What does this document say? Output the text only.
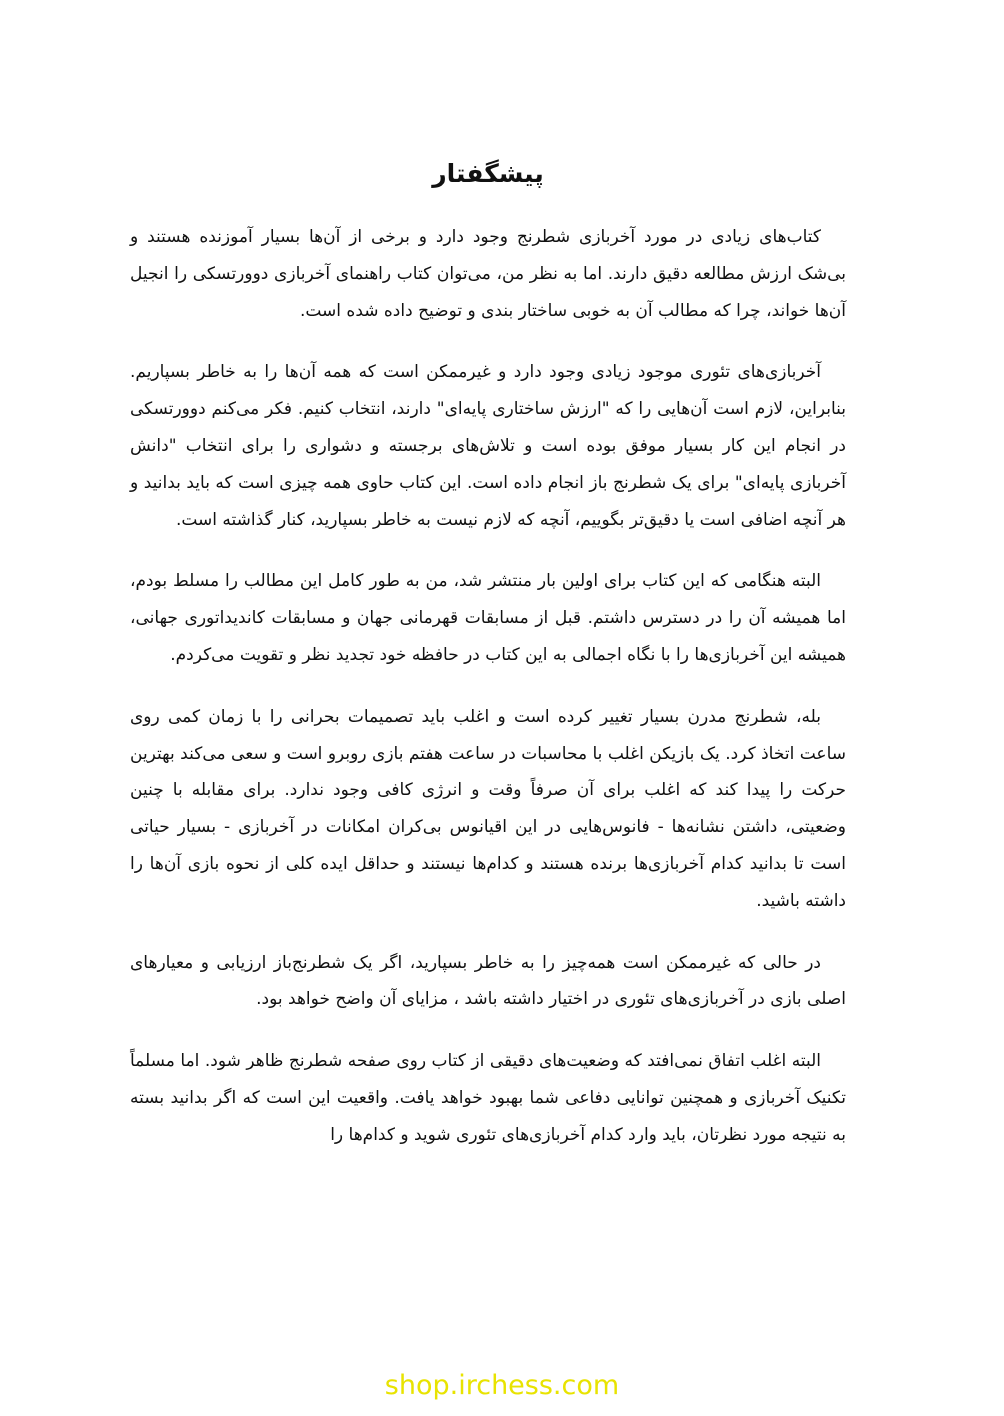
پیشگفتار

کتاب‌های زیادی در مورد آخربازی شطرنج وجود دارد و برخی از آن‌ها بسیار آموزنده هستند و بی‌شک ارزش مطالعه دقیق دارند. اما به نظر من، می‌توان کتاب راهنمای آخربازی دوورتسکی را انجیل آن‌ها خواند، چرا که مطالب آن به خوبی ساختار بندی و توضیح داده شده است.

آخربازی‌های تئوری موجود زیادی وجود دارد و غیرممکن است که همه آن‌ها را به خاطر بسپاریم. بنابراین، لازم است آن‌هایی را که "ارزش ساختاری پایه‌ای" دارند، انتخاب کنیم. فکر می‌کنم دوورتسکی در انجام این کار بسیار موفق بوده است و تلاش‌های برجسته و دشواری را برای انتخاب "دانش آخربازی پایه‌ای" برای یک شطرنج باز انجام داده است. این کتاب حاوی همه چیزی است که باید بدانید و هر آنچه اضافی است یا دقیق‌تر بگوییم، آنچه که لازم نیست به خاطر بسپارید، کنار گذاشته است.

البته هنگامی که این کتاب برای اولین بار منتشر شد، من به طور کامل این مطالب را مسلط بودم، اما همیشه آن را در دسترس داشتم. قبل از مسابقات قهرمانی جهان و مسابقات کاندیداتوری جهانی، همیشه این آخربازی‌ها را با نگاه اجمالی به این کتاب در حافظه خود تجدید نظر و تقویت می‌کردم.

بله، شطرنج مدرن بسیار تغییر کرده است و اغلب باید تصمیمات بحرانی را با زمان کمی روی ساعت اتخاذ کرد. یک بازیکن اغلب با محاسبات در ساعت هفتم بازی روبرو است و سعی می‌کند بهترین حرکت را پیدا کند که اغلب برای آن صرفاً وقت و انرژی کافی وجود ندارد. برای مقابله با چنین وضعیتی، داشتن نشانه‌ها - فانوس‌هایی در این اقیانوس بی‌کران امکانات در آخربازی - بسیار حیاتی است تا بدانید کدام آخربازی‌ها برنده هستند و کدام‌ها نیستند و حداقل ایده کلی از نحوه بازی آن‌ها را داشته باشید.

در حالی که غیرممکن است همه‌چیز را به خاطر بسپارید، اگر یک شطرنج‌باز ارزیابی و معیارهای اصلی بازی در آخربازی‌های تئوری در اختیار داشته باشد ، مزایای آن واضح خواهد بود.

البته اغلب اتفاق نمی‌افتد که وضعیت‌های دقیقی از کتاب روی صفحه شطرنج ظاهر شود. اما مسلماً تکنیک آخربازی و همچنین توانایی دفاعی شما بهبود خواهد یافت. واقعیت این است که اگر بدانید بسته به نتیجه مورد نظرتان، باید وارد کدام آخربازی‌های تئوری شوید و کدام‌ها را

shop.irchess.com
